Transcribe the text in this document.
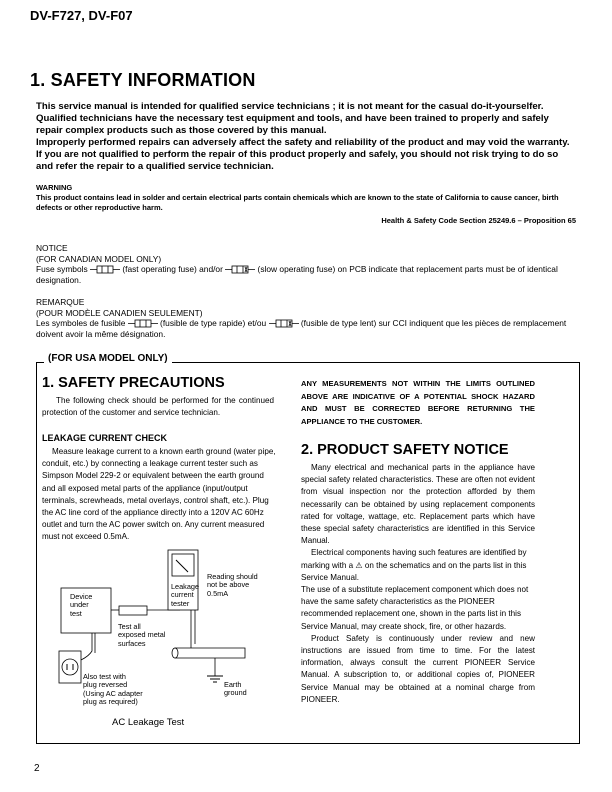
DV-F727, DV-F07
1. SAFETY INFORMATION

This service manual is intended for qualified service technicians ; it is not meant for the casual do-it-yourselfer. Qualified technicians have the necessary test equipment and tools, and have been trained to properly and safely repair complex products such as those covered by this manual.

Improperly performed repairs can adversely affect the safety and reliability of the product and may void the warranty. If you are not qualified to perform the repair of this product properly and safely, you should not risk trying to do so and refer the repair to a qualified service technician.

WARNING
This product contains lead in solder and certain electrical parts contain chemicals which are known to the state of California to cause cancer, birth defects or other reproductive harm.
Health & Safety Code Section 25249.6 – Proposition 65
NOTICE
(FOR CANADIAN MODEL ONLY)
Fuse symbols	(fast operating fuse) and/or	(slow operating fuse) on PCB indicate that replacement parts must be of identical designation.
REMARQUE
(POUR MODÈLE CANADIEN SEULEMENT)
Les symboles de fusible	(fusible de type rapide) et/ou	(fusible de type lent) sur CCI indiquent que les pièces de remplacement doivent avoir la même désignation.
(FOR USA MODEL ONLY)
1. SAFETY PRECAUTIONS
The following check should be performed for the continued protection of the customer and service technician.
LEAKAGE CURRENT CHECK
Measure leakage current to a known earth ground (water pipe, conduit, etc.) by connecting a leakage current tester such as Simpson Model 229-2 or equivalent between the earth ground and all exposed metal parts of the appliance (input/output terminals, screwheads, metal overlays, control shaft, etc.). Plug the AC line cord of the appliance directly into a 120V AC 60Hz outlet and turn the AC power switch on. Any current measured must not exceed 0.5mA.
Device
under
test
Leakage
current
tester
Reading should
not be above
0.5mA
Test all
exposed metal
surfaces
Also test with
plug reversed
(Using AC adapter
plug as required)
Earth
ground
AC Leakage Test
ANY MEASUREMENTS NOT WITHIN THE LIMITS OUTLINED ABOVE ARE INDICATIVE OF A POTENTIAL SHOCK HAZARD AND MUST BE CORRECTED BEFORE RETURNING THE APPLIANCE TO THE CUSTOMER.
2. PRODUCT SAFETY NOTICE
Many electrical and mechanical parts in the appliance have special safety related characteristics. These are often not evident from visual inspection nor the protection afforded by them necessarily can be obtained by using replacement components rated for voltage, wattage, etc. Replacement parts which have these special safety characteristics are identified in this Service Manual.
Electrical components having such features are identified by marking with a ⚠ on the schematics and on the parts list in this Service Manual.
The use of a substitute replacement component which does not have the same safety characteristics as the PIONEER recommended replacement one, shown in the parts list in this Service Manual, may create shock, fire, or other hazards.
Product Safety is continuously under review and new instructions are issued from time to time. For the latest information, always consult the current PIONEER Service Manual. A subscription to, or additional copies of, PIONEER Service Manual may be obtained at a nominal charge from PIONEER.
2
